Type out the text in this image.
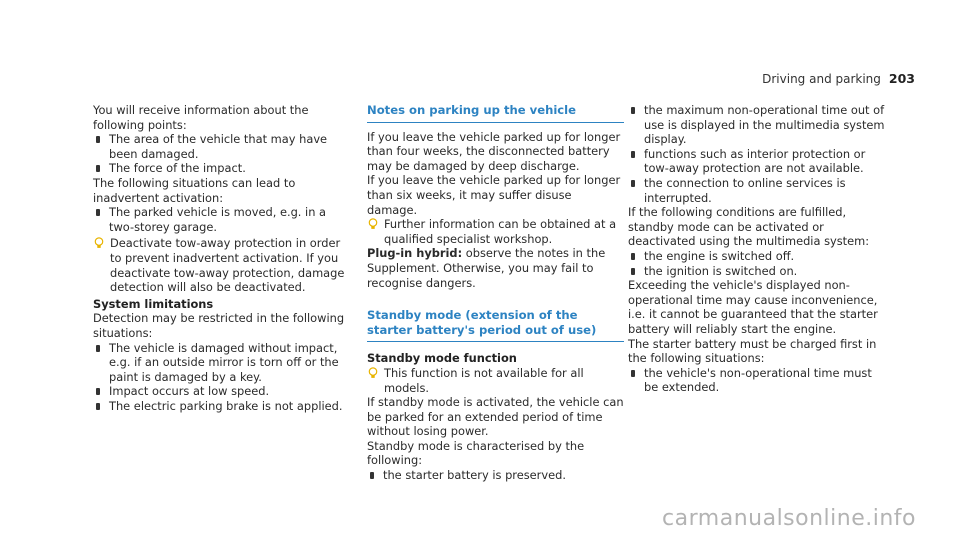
Driving and parking 203

You will receive information about the following points:

The area of the vehicle that may have been damaged.
The force of the impact.

The following situations can lead to inadvertent activation:

The parked vehicle is moved, e.g. in a two-storey garage.
Deactivate tow-away protection in order to prevent inadvertent activation. If you deactivate tow-away protection, damage detection will also be deactivated.

System limitations

Detection may be restricted in the following situations:

The vehicle is damaged without impact, e.g. if an outside mirror is torn off or the paint is damaged by a key.
Impact occurs at low speed.
The electric parking brake is not applied.
Notes on parking up the vehicle

If you leave the vehicle parked up for longer than four weeks, the disconnected battery may be damaged by deep discharge.

If you leave the vehicle parked up for longer than six weeks, it may suffer disuse damage.

Further information can be obtained at a qualified specialist workshop.

Plug-in hybrid: observe the notes in the Supplement. Otherwise, you may fail to recognise dangers.

Standby mode (extension of the starter battery's period out of use)

Standby mode function

This function is not available for all models.

If standby mode is activated, the vehicle can be parked for an extended period of time without losing power.

Standby mode is characterised by the following:

the starter battery is preserved.
the maximum non-operational time out of use is displayed in the multimedia system display.
functions such as interior protection or tow-away protection are not available.
the connection to online services is interrupted.

If the following conditions are fulfilled, standby mode can be activated or deactivated using the multimedia system:

the engine is switched off.
the ignition is switched on.

Exceeding the vehicle's displayed non-operational time may cause inconvenience, i.e. it cannot be guaranteed that the starter battery will reliably start the engine.

The starter battery must be charged first in the following situations:

the vehicle's non-operational time must be extended.
carmanualsonline.info
